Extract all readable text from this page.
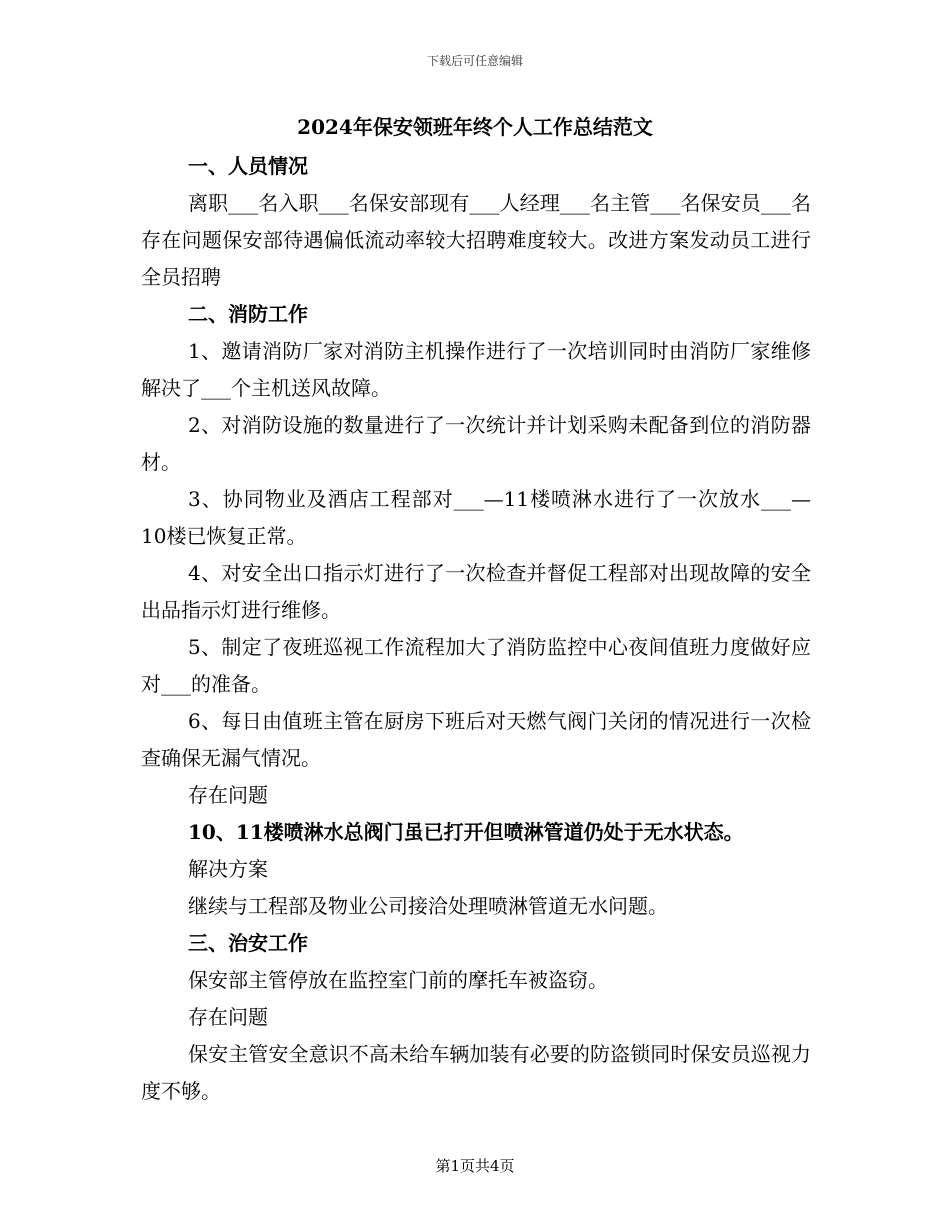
下载后可任意编辑
2024年保安领班年终个人工作总结范文

一、人员情况

离职___名入职___名保安部现有___人经理___名主管___名保安员___名存在问题保安部待遇偏低流动率较大招聘难度较大。改进方案发动员工进行全员招聘

二、消防工作

1、邀请消防厂家对消防主机操作进行了一次培训同时由消防厂家维修解决了___个主机送风故障。

2、对消防设施的数量进行了一次统计并计划采购未配备到位的消防器材。

3、协同物业及酒店工程部对___—11楼喷淋水进行了一次放水___—10楼已恢复正常。

4、对安全出口指示灯进行了一次检查并督促工程部对出现故障的安全出品指示灯进行维修。

5、制定了夜班巡视工作流程加大了消防监控中心夜间值班力度做好应对___的准备。

6、每日由值班主管在厨房下班后对天燃气阀门关闭的情况进行一次检查确保无漏气情况。

存在问题

10、11楼喷淋水总阀门虽已打开但喷淋管道仍处于无水状态。

解决方案

继续与工程部及物业公司接洽处理喷淋管道无水问题。

三、治安工作

保安部主管停放在监控室门前的摩托车被盗窃。

存在问题

保安主管安全意识不高未给车辆加装有必要的防盗锁同时保安员巡视力度不够。

第1页共4页
